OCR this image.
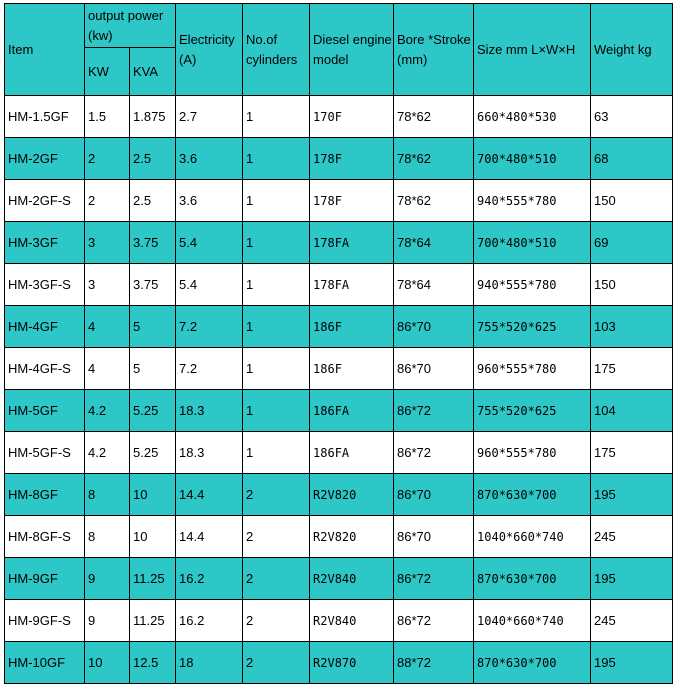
Item	output power (kw)		Electricity (A)	No.of cylinders	Diesel engine model	Bore *Stroke (mm)	Size mm L×W×H	Weight kg
	KW	KVA						
HM-1.5GF	1.5	1.875	2.7	1	170F	78*62	660*480*530	63
HM-2GF	2	2.5	3.6	1	178F	78*62	700*480*510	68
HM-2GF-S	2	2.5	3.6	1	178F	78*62	940*555*780	150
HM-3GF	3	3.75	5.4	1	178FA	78*64	700*480*510	69
HM-3GF-S	3	3.75	5.4	1	178FA	78*64	940*555*780	150
HM-4GF	4	5	7.2	1	186F	86*70	755*520*625	103
HM-4GF-S	4	5	7.2	1	186F	86*70	960*555*780	175
HM-5GF	4.2	5.25	18.3	1	186FA	86*72	755*520*625	104
HM-5GF-S	4.2	5.25	18.3	1	186FA	86*72	960*555*780	175
HM-8GF	8	10	14.4	2	R2V820	86*70	870*630*700	195
HM-8GF-S	8	10	14.4	2	R2V820	86*70	1040*660*740	245
HM-9GF	9	11.25	16.2	2	R2V840	86*72	870*630*700	195
HM-9GF-S	9	11.25	16.2	2	R2V840	86*72	1040*660*740	245
HM-10GF	10	12.5	18	2	R2V870	88*72	870*630*700	195
